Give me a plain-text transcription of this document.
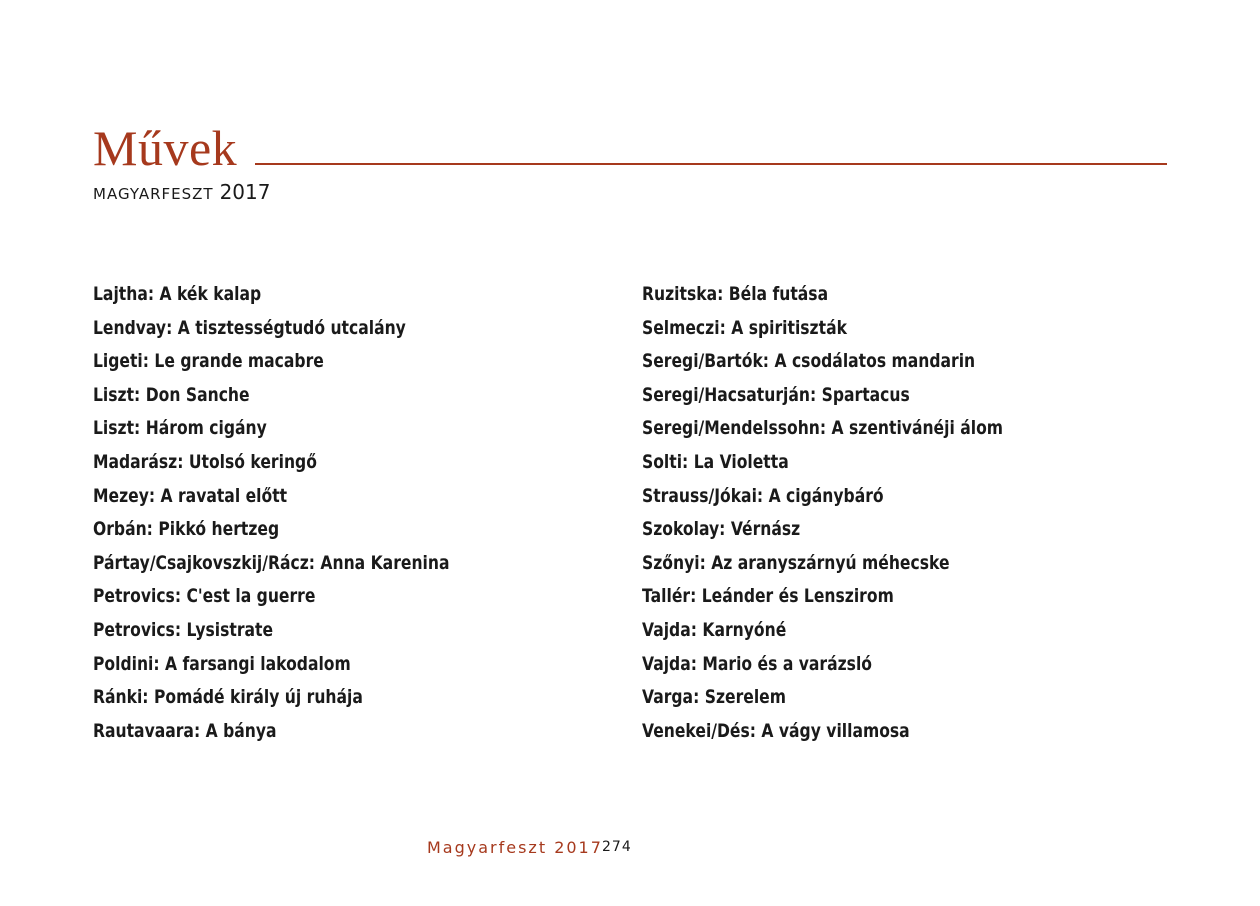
Művek
MAGYARFESZT 2017
Lajtha: A kék kalap
Lendvay: A tisztességtudó utcalány
Ligeti: Le grande macabre
Liszt: Don Sanche
Liszt: Három cigány
Madarász: Utolsó keringő
Mezey: A ravatal előtt
Orbán: Pikkó hertzeg
Pártay/Csajkovszkij/Rácz: Anna Karenina
Petrovics: C'est la guerre
Petrovics: Lysistrate
Poldini: A farsangi lakodalom
Ránki: Pomádé király új ruhája
Rautavaara: A bánya
Ruzitska: Béla futása
Selmeczi: A spiritiszták
Seregi/Bartók: A csodálatos mandarin
Seregi/Hacsaturján: Spartacus
Seregi/Mendelssohn: A szentivánéji álom
Solti: La Violetta
Strauss/Jókai: A cigánybáró
Szokolay: Vérnász
Szőnyi: Az aranyszárnyú méhecske
Tallér: Leánder és Lenszirom
Vajda: Karnyóné
Vajda: Mario és a varázsló
Varga: Szerelem
Venekei/Dés: A vágy villamosa
Magyarfeszt 2017 274
